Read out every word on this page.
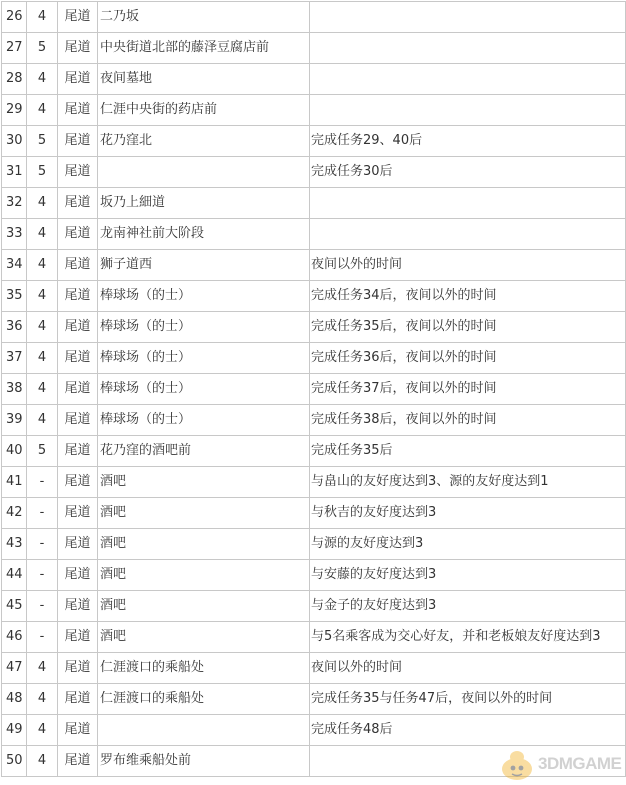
26	4	尾道	二乃坂	
27	5	尾道	中央街道北部的藤泽豆腐店前	
28	4	尾道	夜间墓地	
29	4	尾道	仁涯中央街的药店前	
30	5	尾道	花乃窪北	完成任务29、40后
31	5	尾道		完成任务30后
32	4	尾道	坂乃上細道	
33	4	尾道	龙南神社前大阶段	
34	4	尾道	狮子道西	夜间以外的时间
35	4	尾道	棒球场（的士）	完成任务34后，夜间以外的时间
36	4	尾道	棒球场（的士）	完成任务35后，夜间以外的时间
37	4	尾道	棒球场（的士）	完成任务36后，夜间以外的时间
38	4	尾道	棒球场（的士）	完成任务37后，夜间以外的时间
39	4	尾道	棒球场（的士）	完成任务38后，夜间以外的时间
40	5	尾道	花乃窪的酒吧前	完成任务35后
41	-	尾道	酒吧	与畠山的友好度达到3、源的友好度达到1
42	-	尾道	酒吧	与秋吉的友好度达到3
43	-	尾道	酒吧	与源的友好度达到3
44	-	尾道	酒吧	与安藤的友好度达到3
45	-	尾道	酒吧	与金子的友好度达到3
46	-	尾道	酒吧	与5名乘客成为交心好友，并和老板娘友好度达到3
47	4	尾道	仁涯渡口的乘船处	夜间以外的时间
48	4	尾道	仁涯渡口的乘船处	完成任务35与任务47后，夜间以外的时间
49	4	尾道		完成任务48后
50	4	尾道	罗布维乘船处前		3DMGAME
